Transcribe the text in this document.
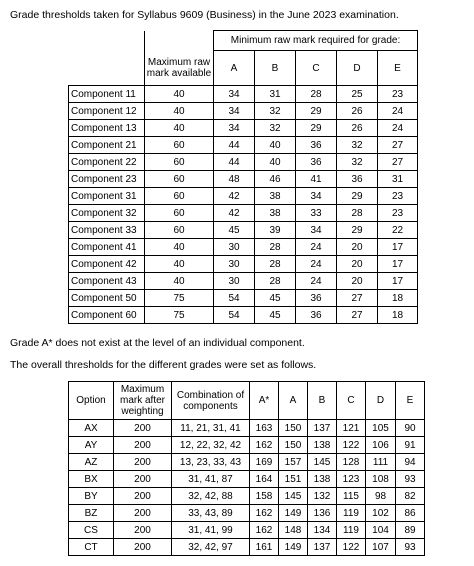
Grade thresholds taken for Syllabus 9609 (Business) in the June 2023 examination.
		Minimum raw mark required for grade:				
	Maximum raw mark available	A	B	C	D	E
Component 11	40	34	31	28	25	23
Component 12	40	34	32	29	26	24
Component 13	40	34	32	29	26	24
Component 21	60	44	40	36	32	27
Component 22	60	44	40	36	32	27
Component 23	60	48	46	41	36	31
Component 31	60	42	38	34	29	23
Component 32	60	42	38	33	28	23
Component 33	60	45	39	34	29	22
Component 41	40	30	28	24	20	17
Component 42	40	30	28	24	20	17
Component 43	40	30	28	24	20	17
Component 50	75	54	45	36	27	18
Component 60	75	54	45	36	27	18
Grade A* does not exist at the level of an individual component.
The overall thresholds for the different grades were set as follows.
Option	Maximum mark after weighting	Combination of components	A*	A	B	C	D	E
AX	200	11, 21, 31, 41	163	150	137	121	105	90
AY	200	12, 22, 32, 42	162	150	138	122	106	91
AZ	200	13, 23, 33, 43	169	157	145	128	111	94
BX	200	31, 41, 87	164	151	138	123	108	93
BY	200	32, 42, 88	158	145	132	115	98	82
BZ	200	33, 43, 89	162	149	136	119	102	86
CS	200	31, 41, 99	162	148	134	119	104	89
CT	200	32, 42, 97	161	149	137	122	107	93
